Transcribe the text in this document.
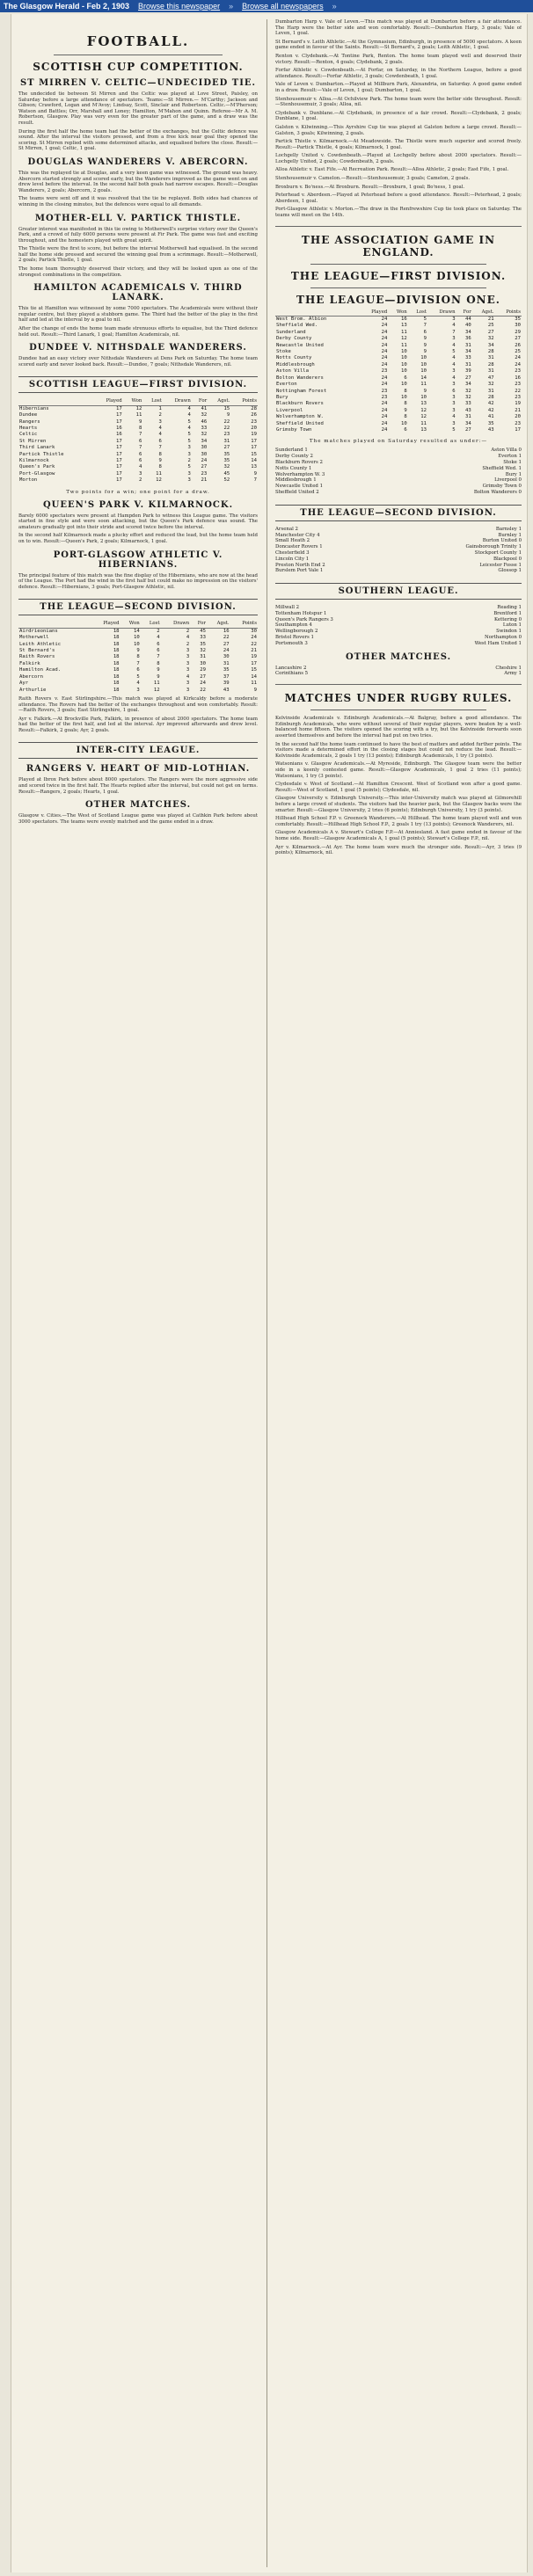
The Glasgow Herald - Feb 2, 1903 Browse this newspaper » Browse all newspapers »
FOOTBALL.
SCOTTISH CUP COMPETITION.
ST MIRREN V. CELTIC—UNDECIDED TIE.

The undecided tie between St Mirren and the Celtic was played at Love Street, Paisley, on Saturday before a large attendance of spectators. Teams:—St Mirren.— M'Carthy; Jackson and Gibson; Crawford, Logan and M'Avoy; Lindsay, Scott, Sinclair and Robertson. Celtic.—M'Pherson; Watson and Battles; Orr, Marshall and Loney; Hamilton, M'Mahon and Quinn. Referee—Mr A. M. Robertson, Glasgow. Play was very even for the greater part of the game, and a draw was the result.

During the first half the home team had the better of the exchanges, but the Celtic defence was sound. After the interval the visitors pressed, and from a free kick near goal they opened the scoring. St Mirren replied with some determined attacks, and equalised before the close. Result:—St Mirren, 1 goal; Celtic, 1 goal.

DOUGLAS WANDERERS V. ABERCORN.

This was the replayed tie at Douglas, and a very keen game was witnessed. The ground was heavy. Abercorn started strongly and scored early, but the Wanderers improved as the game went on and drew level before the interval. In the second half both goals had narrow escapes. Result:—Douglas Wanderers, 2 goals; Abercorn, 2 goals.

The teams were sent off and it was resolved that the tie be replayed. Both sides had chances of winning in the closing minutes, but the defences were equal to all demands.

MOTHER-ELL V. PARTICK THISTLE.

Greater interest was manifested in this tie owing to Motherwell's surprise victory over the Queen's Park, and a crowd of fully 6000 persons were present at Fir Park. The game was fast and exciting throughout, and the homesters played with great spirit.

The Thistle were the first to score, but before the interval Motherwell had equalised. In the second half the home side pressed and secured the winning goal from a scrimmage. Result:—Motherwell, 2 goals; Partick Thistle, 1 goal.

The home team thoroughly deserved their victory, and they will be looked upon as one of the strongest combinations in the competition.

HAMILTON ACADEMICALS V. THIRD LANARK.

This tie at Hamilton was witnessed by some 7000 spectators. The Academicals were without their regular centre, but they played a stubborn game. The Third had the better of the play in the first half and led at the interval by a goal to nil.

After the change of ends the home team made strenuous efforts to equalise, but the Third defence held out. Result:—Third Lanark, 1 goal; Hamilton Academicals, nil.

DUNDEE V. NITHSDALE WANDERERS.

Dundee had an easy victory over Nithsdale Wanderers at Dens Park on Saturday. The home team scored early and never looked back. Result:—Dundee, 7 goals; Nithsdale Wanderers, nil.

SCOTTISH LEAGUE—FIRST DIVISION.
	Played	Won	Lost	Drawn	For	Agst.	Points
Hibernians	17	12	1	4	41	15	28
Dundee	17	11	2	4	32	9	26
Rangers	17	9	3	5	46	22	23
Hearts	16	8	4	4	33	22	20
Celtic	16	7	4	5	32	23	19
St Mirren	17	6	6	5	34	31	17
Third Lanark	17	7	7	3	30	27	17
Partick Thistle	17	6	8	3	30	35	15
Kilmarnock	17	6	9	2	24	35	14
Queen's Park	17	4	8	5	27	32	13
Port-Glasgow	17	3	11	3	23	45	9
Morton	17	2	12	3	21	52	7
Two points for a win; one point for a draw.
QUEEN'S PARK V. KILMARNOCK.

Barely 6000 spectators were present at Hampden Park to witness this League game. The visitors started in fine style and were soon attacking, but the Queen's Park defence was sound. The amateurs gradually got into their stride and scored twice before the interval.

In the second half Kilmarnock made a plucky effort and reduced the lead, but the home team held on to win. Result:—Queen's Park, 2 goals; Kilmarnock, 1 goal.

PORT-GLASGOW ATHLETIC V. HIBERNIANS.

The principal feature of this match was the fine display of the Hibernians, who are now at the head of the League. The Port had the wind in the first half but could make no impression on the visitors' defence. Result:—Hibernians, 3 goals; Port-Glasgow Athletic, nil.

THE LEAGUE—SECOND DIVISION.
	Played	Won	Lost	Drawn	For	Agst.	Points
Airdrieonians	18	14	2	2	45	16	30
Motherwell	18	10	4	4	33	22	24
Leith Athletic	18	10	6	2	35	27	22
St Bernard's	18	9	6	3	32	24	21
Raith Rovers	18	8	7	3	31	30	19
Falkirk	18	7	8	3	30	31	17
Hamilton Acad.	18	6	9	3	29	35	15
Abercorn	18	5	9	4	27	37	14
Ayr	18	4	11	3	24	39	11
Arthurlie	18	3	12	3	22	43	9

Raith Rovers v. East Stirlingshire.—This match was played at Kirkcaldy before a moderate attendance. The Rovers had the better of the exchanges throughout and won comfortably. Result:—Raith Rovers, 3 goals; East Stirlingshire, 1 goal.

Ayr v. Falkirk.—At Brockville Park, Falkirk, in presence of about 2000 spectators. The home team had the better of the first half, and led at the interval. Ayr improved afterwards and drew level. Result:—Falkirk, 2 goals; Ayr, 2 goals.

INTER-CITY LEAGUE.
RANGERS V. HEART OF MID-LOTHIAN.

Played at Ibrox Park before about 8000 spectators. The Rangers were the more aggressive side and scored twice in the first half. The Hearts replied after the interval, but could not get on terms. Result:—Rangers, 2 goals; Hearts, 1 goal.

OTHER MATCHES.

Glasgow v. Cities.—The West of Scotland League game was played at Cathkin Park before about 3000 spectators. The teams were evenly matched and the game ended in a draw.

Dumbarton Harp v. Vale of Leven.—This match was played at Dumbarton before a fair attendance. The Harp were the better side and won comfortably. Result:—Dumbarton Harp, 3 goals; Vale of Leven, 1 goal.

St Bernard's v. Leith Athletic.—At the Gymnasium, Edinburgh, in presence of 5000 spectators. A keen game ended in favour of the Saints. Result:—St Bernard's, 2 goals; Leith Athletic, 1 goal.

Renton v. Clydebank.—At Tontine Park, Renton. The home team played well and deserved their victory. Result:—Renton, 4 goals; Clydebank, 2 goals.

Forfar Athletic v. Cowdenbeath.—At Forfar, on Saturday, in the Northern League, before a good attendance. Result:—Forfar Athletic, 3 goals; Cowdenbeath, 1 goal.

Vale of Leven v. Dumbarton.—Played at Millburn Park, Alexandria, on Saturday. A good game ended in a draw. Result:—Vale of Leven, 1 goal; Dumbarton, 1 goal.

Stenhousemuir v. Alloa.—At Ochilview Park. The home team were the better side throughout. Result:—Stenhousemuir, 3 goals; Alloa, nil.

Clydebank v. Dunblane.—At Clydebank, in presence of a fair crowd. Result:—Clydebank, 2 goals; Dunblane, 1 goal.

Galston v. Kilwinning.—This Ayrshire Cup tie was played at Galston before a large crowd. Result:—Galston, 3 goals; Kilwinning, 2 goals.

Partick Thistle v. Kilmarnock.—At Meadowside. The Thistle were much superior and scored freely. Result:—Partick Thistle, 4 goals; Kilmarnock, 1 goal.

Lochgelly United v. Cowdenbeath.—Played at Lochgelly before about 2000 spectators. Result:—Lochgelly United, 2 goals; Cowdenbeath, 2 goals.

Alloa Athletic v. East Fife.—At Recreation Park. Result:—Alloa Athletic, 2 goals; East Fife, 1 goal.

Stenhousemuir v. Camelon.—Result:—Stenhousemuir, 3 goals; Camelon, 2 goals.

Broxburn v. Bo'ness.—At Broxburn. Result:—Broxburn, 1 goal; Bo'ness, 1 goal.

Peterhead v. Aberdeen.—Played at Peterhead before a good attendance. Result:—Peterhead, 2 goals; Aberdeen, 1 goal.

Port-Glasgow Athletic v. Morton.—The draw in the Renfrewshire Cup tie took place on Saturday. The teams will meet on the 14th.

THE ASSOCIATION GAME IN ENGLAND.
THE LEAGUE—FIRST DIVISION.
THE LEAGUE—DIVISION ONE.
	Played	Won	Lost	Drawn	For	Agst.	Points
West Brom. Albion	24	16	5	3	44	21	35
Sheffield Wed.	24	13	7	4	40	25	30
Sunderland	24	11	6	7	34	27	29
Derby County	24	12	9	3	36	32	27
Newcastle United	24	11	9	4	31	34	26
Stoke	24	10	9	5	34	28	25
Notts County	24	10	10	4	33	31	24
Middlesbrough	24	10	10	4	31	28	24
Aston Villa	23	10	10	3	39	31	23
Bolton Wanderers	24	6	14	4	27	47	16
Everton	24	10	11	3	34	32	23
Nottingham Forest	23	8	9	6	32	31	22
Bury	23	10	10	3	32	28	23
Blackburn Rovers	24	8	13	3	33	42	19
Liverpool	24	9	12	3	43	42	21
Wolverhampton W.	24	8	12	4	31	41	20
Sheffield United	24	10	11	3	34	35	23
Grimsby Town	24	6	13	5	27	43	17
The matches played on Saturday resulted as under:—
Sunderland 1	Aston Villa 0
Derby County 2	Everton 1
Blackburn Rovers 2	Stoke 1
Notts County 1	Sheffield Wed. 1
Wolverhampton W. 3	Bury 1
Middlesbrough 1	Liverpool 0
Newcastle United 1	Grimsby Town 0
Sheffield United 2	Bolton Wanderers 0
THE LEAGUE—SECOND DIVISION.
Arsenal 2	Barnsley 1
Manchester City 4	Burnley 1
Small Heath 2	Burton United 0
Doncaster Rovers 1	Gainsborough Trinity 1
Chesterfield 3	Stockport County 1
Lincoln City 1	Blackpool 0
Preston North End 2	Leicester Fosse 1
Burslem Port Vale 1	Glossop 1
SOUTHERN LEAGUE.
Millwall 2	Reading 1
Tottenham Hotspur 1	Brentford 1
Queen's Park Rangers 3	Kettering 0
Southampton 4	Luton 1
Wellingborough 2	Swindon 1
Bristol Rovers 1	Northampton 0
Portsmouth 3	West Ham United 1
OTHER MATCHES.
Lancashire 2	Cheshire 1
Corinthians 5	Army 1
MATCHES UNDER RUGBY RULES.

Kelvinside Academicals v. Edinburgh Academicals.—At Balgray, before a good attendance. The Edinburgh Academicals, who were without several of their regular players, were beaten by a well-balanced home fifteen. The visitors opened the scoring with a try, but the Kelvinside forwards soon asserted themselves and before the interval had put on two tries.

In the second half the home team continued to have the best of matters and added further points. The visitors made a determined effort in the closing stages but could not reduce the lead. Result:—Kelvinside Academicals, 2 goals 1 try (13 points); Edinburgh Academicals, 1 try (3 points).

Watsonians v. Glasgow Academicals.—At Myreside, Edinburgh. The Glasgow team were the better side in a keenly contested game. Result:—Glasgow Academicals, 1 goal 2 tries (11 points); Watsonians, 1 try (3 points).

Clydesdale v. West of Scotland.—At Hamilton Crescent. West of Scotland won after a good game. Result:—West of Scotland, 1 goal (5 points); Clydesdale, nil.

Glasgow University v. Edinburgh University.—This inter-University match was played at Gilmorehill before a large crowd of students. The visitors had the heavier pack, but the Glasgow backs were the smarter. Result:—Glasgow University, 2 tries (6 points); Edinburgh University, 1 try (3 points).

Hillhead High School F.P. v. Greenock Wanderers.—At Hillhead. The home team played well and won comfortably. Result:—Hillhead High School F.P., 2 goals 1 try (13 points); Greenock Wanderers, nil.

Glasgow Academicals A v. Stewart's College F.P.—At Anniesland. A fast game ended in favour of the home side. Result:—Glasgow Academicals A, 1 goal (5 points); Stewart's College F.P., nil.

Ayr v. Kilmarnock.—At Ayr. The home team were much the stronger side. Result:—Ayr, 3 tries (9 points); Kilmarnock, nil.
